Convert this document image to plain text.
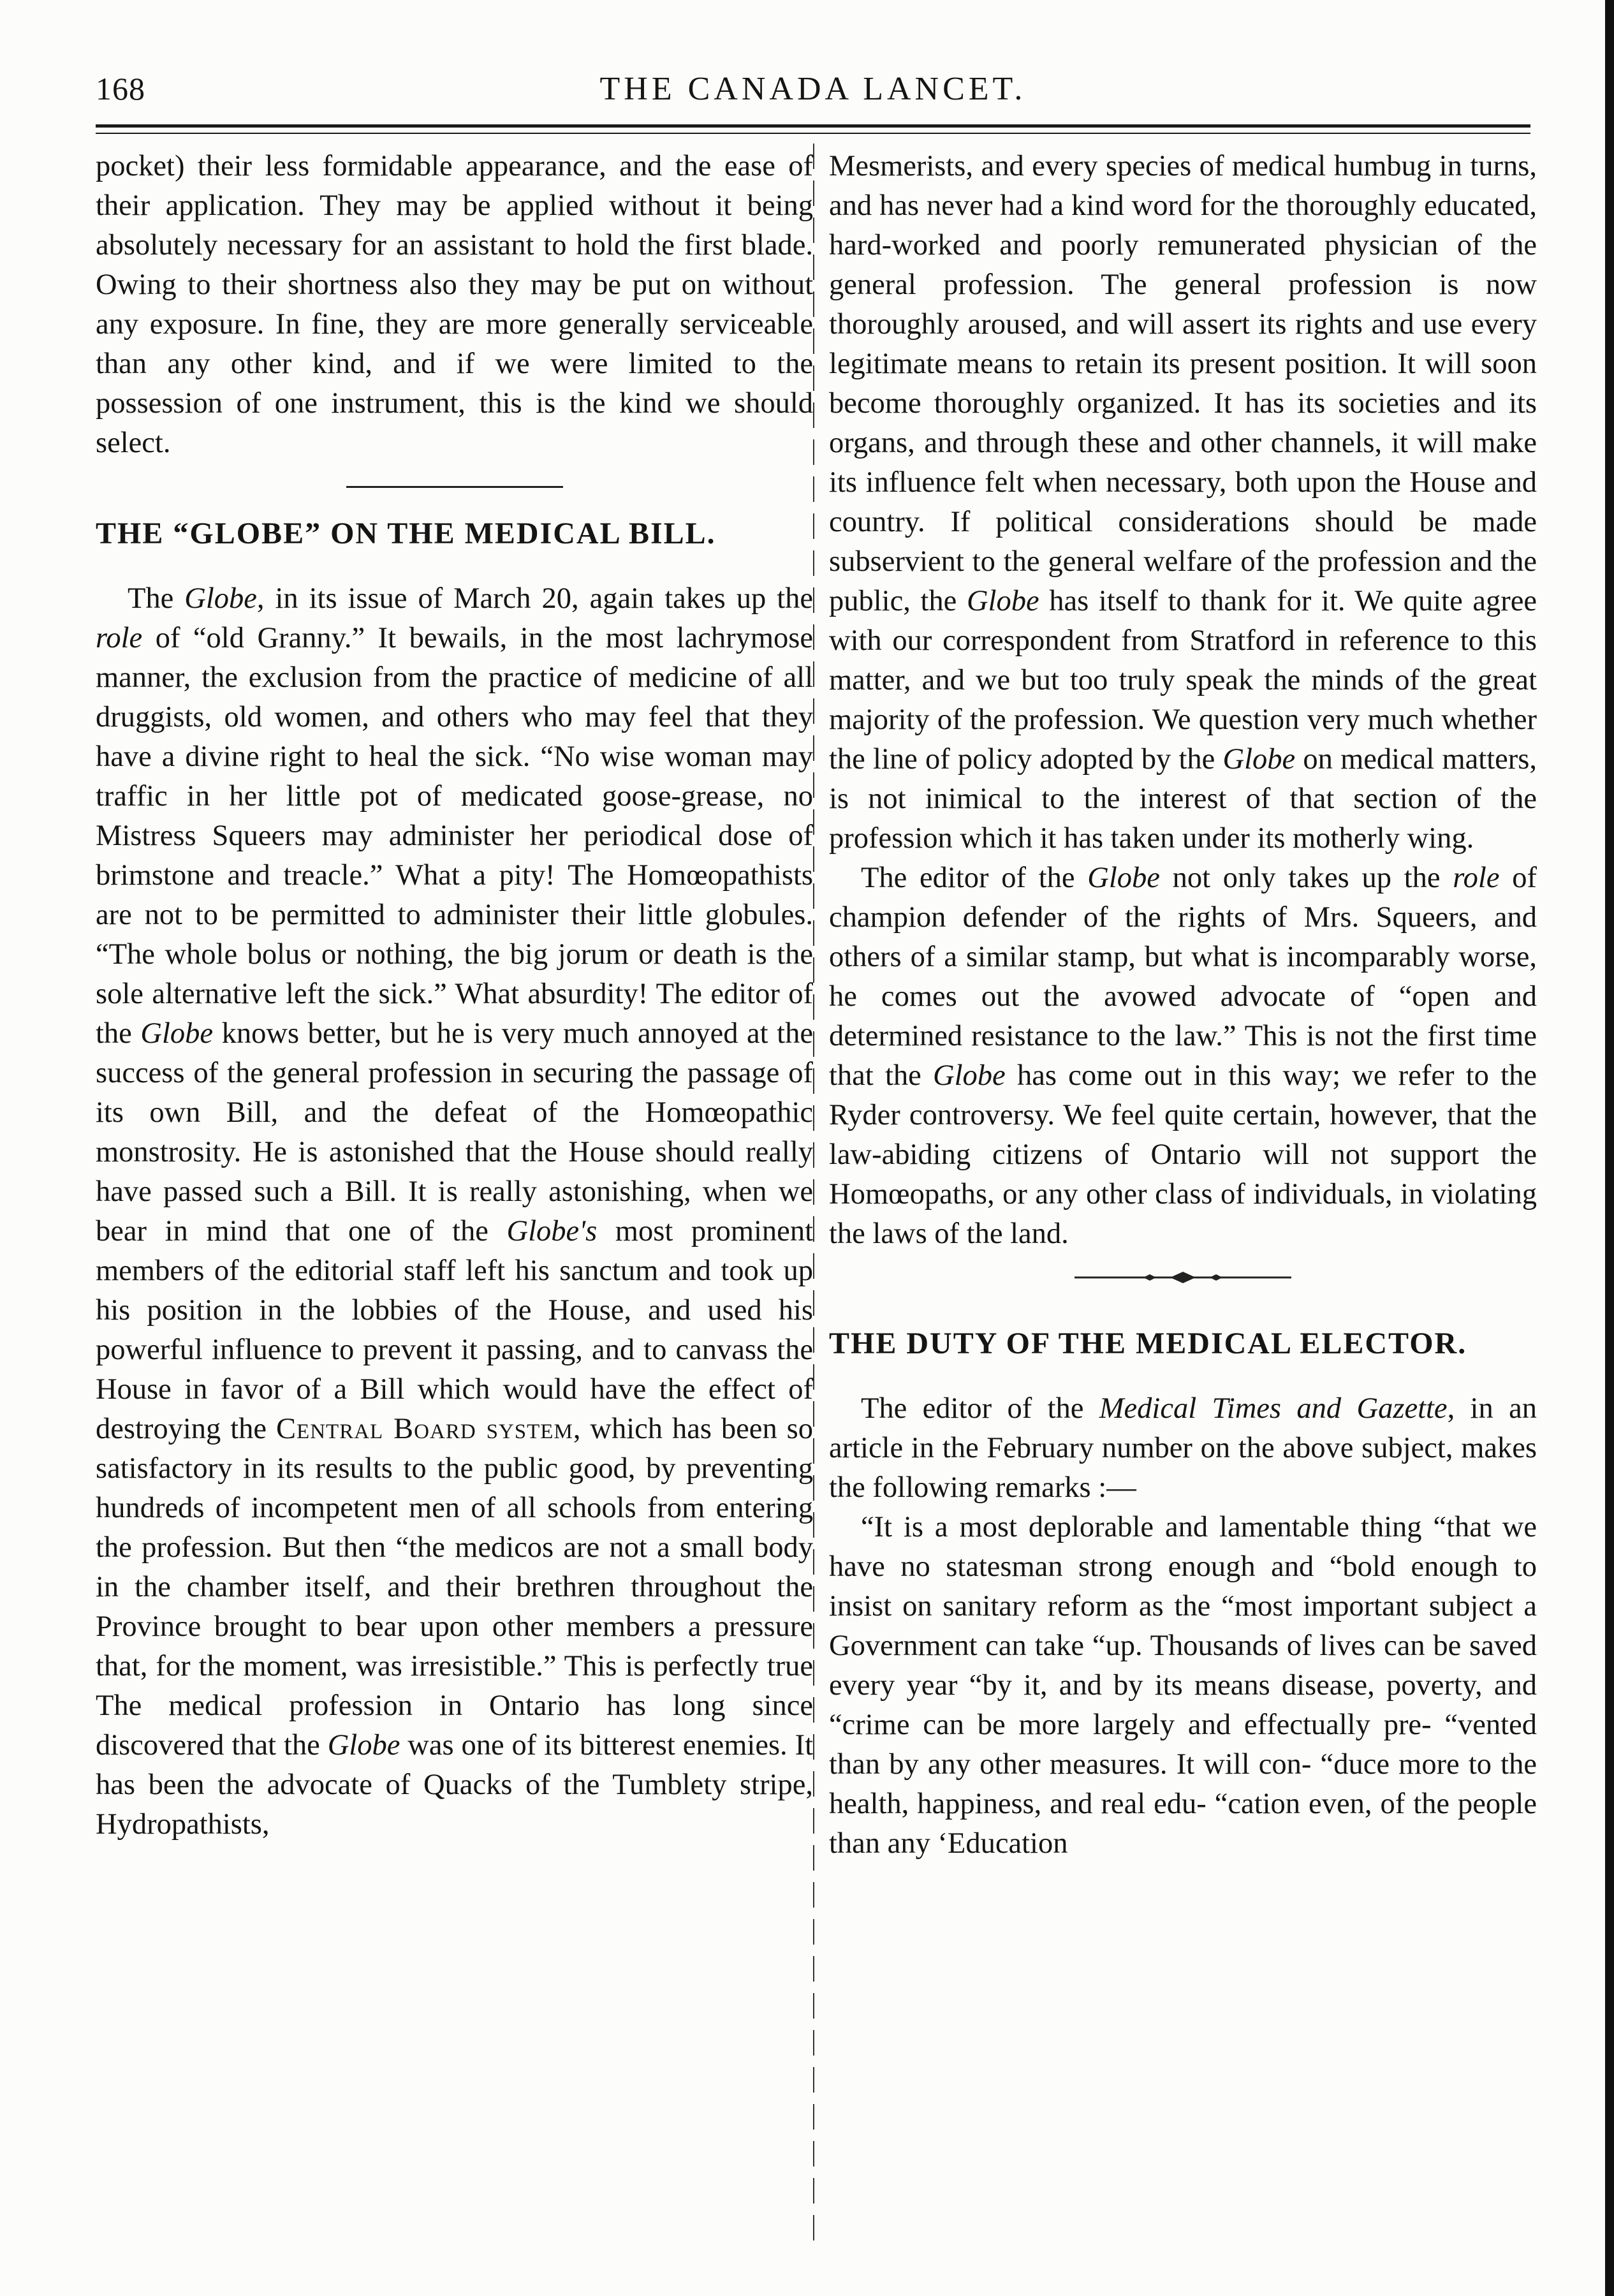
168	THE CANADA LANCET.

pocket) their less formidable appearance, and the ease of their application. They may be applied without it being absolutely necessary for an assistant to hold the first blade. Owing to their shortness also they may be put on without any exposure. In fine, they are more generally serviceable than any other kind, and if we were limited to the possession of one instrument, this is the kind we should select.

THE “GLOBE” ON THE MEDICAL BILL.

The Globe, in its issue of March 20, again takes up the role of “old Granny.” It bewails, in the most lachrymose manner, the exclusion from the practice of medicine of all druggists, old women, and others who may feel that they have a divine right to heal the sick. “No wise woman may traffic in her little pot of medicated goose-grease, no Mistress Squeers may administer her periodical dose of brimstone and treacle.” What a pity! The Homœopathists are not to be permitted to administer their little globules. “The whole bolus or nothing, the big jorum or death is the sole alternative left the sick.” What absurdity! The editor of the Globe knows better, but he is very much annoyed at the success of the general profession in securing the passage of its own Bill, and the defeat of the Homœopathic monstrosity. He is astonished that the House should really have passed such a Bill. It is really astonishing, when we bear in mind that one of the Globe's most prominent members of the editorial staff left his sanctum and took up his position in the lobbies of the House, and used his powerful influence to prevent it passing, and to canvass the House in favor of a Bill which would have the effect of destroying the Central Board system, which has been so satisfactory in its results to the public good, by preventing hundreds of incompetent men of all schools from entering the profession. But then “the medicos are not a small body in the chamber itself, and their brethren throughout the Province brought to bear upon other members a pressure that, for the moment, was irresistible.” This is perfectly true The medical profession in Ontario has long since discovered that the Globe was one of its bitterest enemies. It has been the advocate of Quacks of the Tumblety stripe, Hydropathists,

Mesmerists, and every species of medical humbug in turns, and has never had a kind word for the thoroughly educated, hard-worked and poorly remunerated physician of the general profession. The general profession is now thoroughly aroused, and will assert its rights and use every legitimate means to retain its present position. It will soon become thoroughly organized. It has its societies and its organs, and through these and other channels, it will make its influence felt when necessary, both upon the House and country. If political considerations should be made subservient to the general welfare of the profession and the public, the Globe has itself to thank for it. We quite agree with our correspondent from Stratford in reference to this matter, and we but too truly speak the minds of the great majority of the profession. We question very much whether the line of policy adopted by the Globe on medical matters, is not inimical to the interest of that section of the profession which it has taken under its motherly wing.

The editor of the Globe not only takes up the role of champion defender of the rights of Mrs. Squeers, and others of a similar stamp, but what is incomparably worse, he comes out the avowed advocate of “open and determined resistance to the law.” This is not the first time that the Globe has come out in this way; we refer to the Ryder controversy. We feel quite certain, however, that the law-abiding citizens of Ontario will not support the Homœopaths, or any other class of individuals, in violating the laws of the land.

THE DUTY OF THE MEDICAL ELECTOR.

The editor of the Medical Times and Gazette, in an article in the February number on the above subject, makes the following remarks :—

“It is a most deplorable and lamentable thing “that we have no statesman strong enough and “bold enough to insist on sanitary reform as the “most important subject a Government can take “up. Thousands of lives can be saved every year “by it, and by its means disease, poverty, and “crime can be more largely and effectually pre- “vented than by any other measures. It will con- “duce more to the health, happiness, and real edu- “cation even, of the people than any ‘Education
